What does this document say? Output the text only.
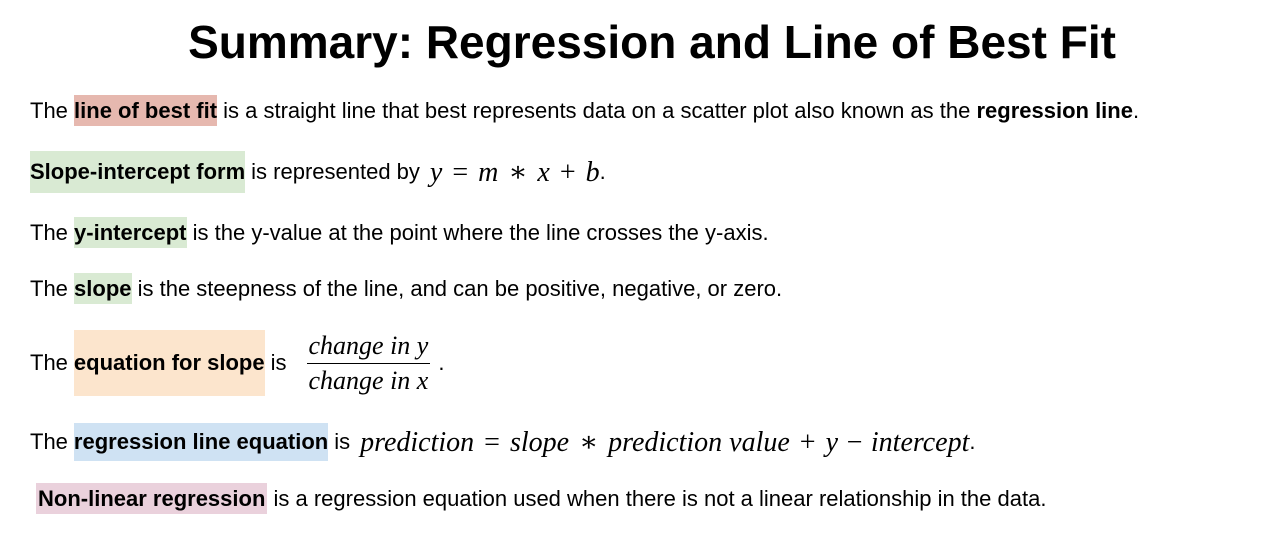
Summary: Regression and Line of Best Fit
The line of best fit is a straight line that best represents data on a scatter plot also known as the regression line.
Slope-intercept form is represented by y = m ∗ x + b .
The y-intercept is the y-value at the point where the line crosses the y-axis.
The slope is the steepness of the line, and can be positive, negative, or zero.
The equation for slope is $\frac{\text{change in y}}{\text{change in x}}$ .
The regression line equation is prediction = slope ∗ prediction value + y − intercept .
Non-linear regression is a regression equation used when there is not a linear relationship in the data.
